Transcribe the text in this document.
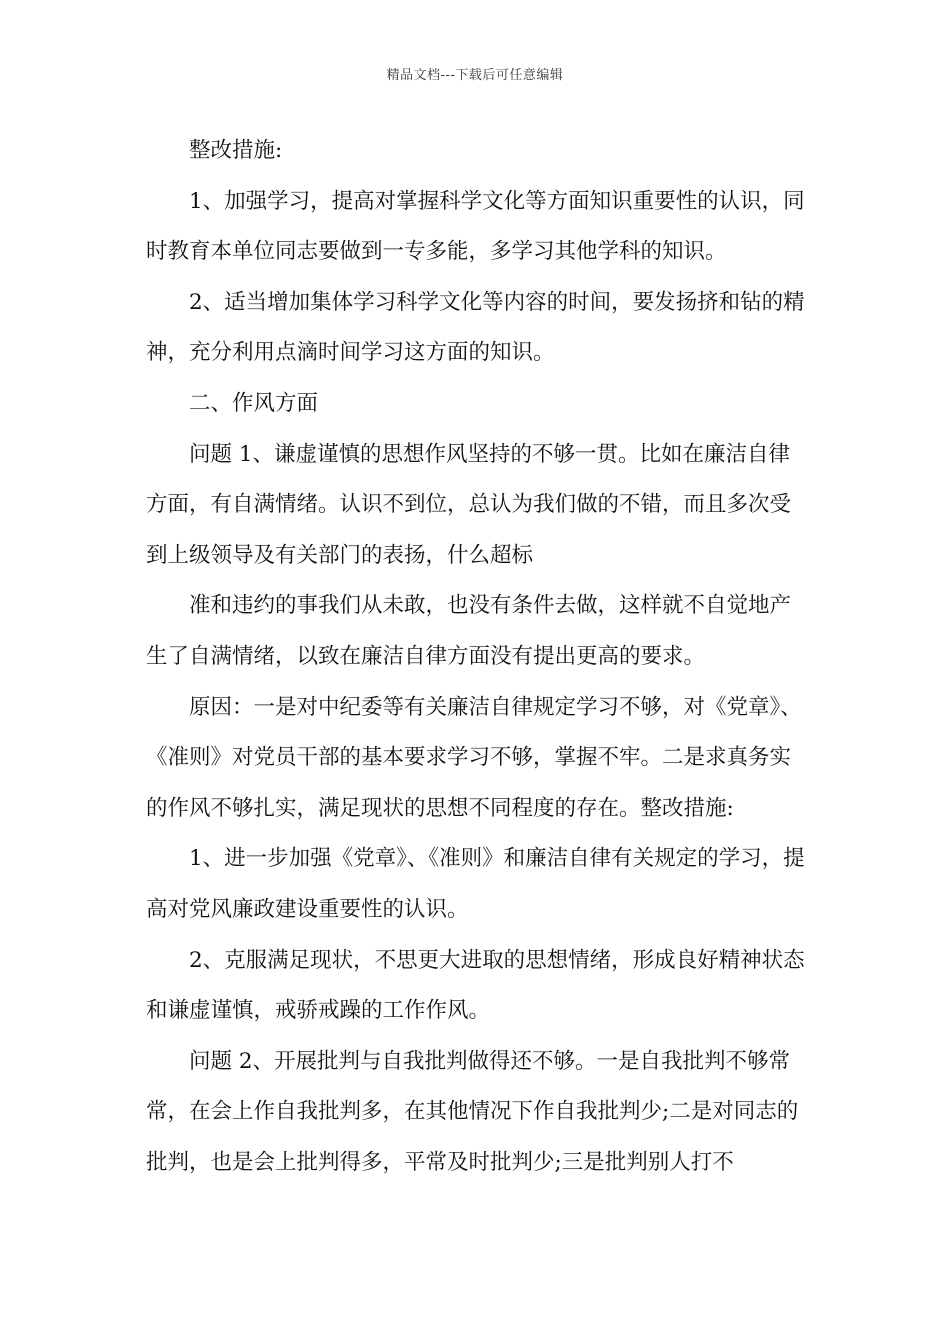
精品文档---下载后可任意编辑

整改措施:

1、加强学习，提高对掌握科学文化等方面知识重要性的认识，同时教育本单位同志要做到一专多能，多学习其他学科的知识。

2、适当增加集体学习科学文化等内容的时间，要发扬挤和钻的精神，充分利用点滴时间学习这方面的知识。

二、作风方面

问题 1、谦虚谨慎的思想作风坚持的不够一贯。比如在廉洁自律方面，有自满情绪。认识不到位，总认为我们做的不错，而且多次受到上级领导及有关部门的表扬，什么超标

准和违约的事我们从未敢，也没有条件去做，这样就不自觉地产生了自满情绪，以致在廉洁自律方面没有提出更高的要求。

原因：一是对中纪委等有关廉洁自律规定学习不够，对《党章》、《准则》对党员干部的基本要求学习不够，掌握不牢。二是求真务实的作风不够扎实，满足现状的思想不同程度的存在。整改措施:

1、进一步加强《党章》、《准则》和廉洁自律有关规定的学习，提高对党风廉政建设重要性的认识。

2、克服满足现状，不思更大进取的思想情绪，形成良好精神状态和谦虚谨慎，戒骄戒躁的工作作风。

问题 2、开展批判与自我批判做得还不够。一是自我批判不够常常，在会上作自我批判多，在其他情况下作自我批判少;二是对同志的批判，也是会上批判得多，平常及时批判少;三是批判别人打不
